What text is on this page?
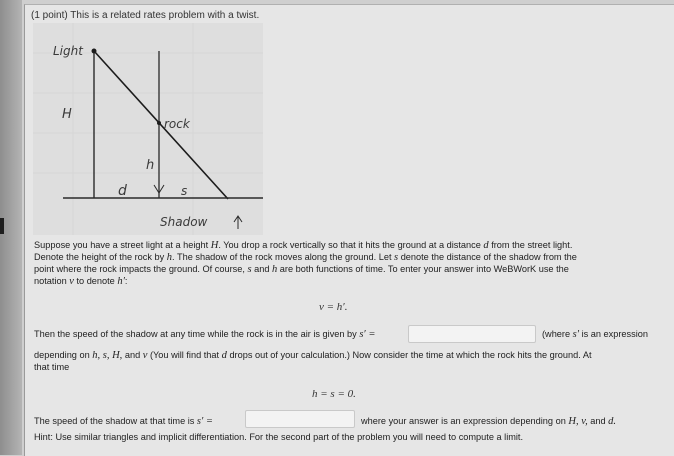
(1 point) This is a related rates problem with a twist.
Light
H
rock
h
d	s
Shadow
Suppose you have a street light at a height H. You drop a rock vertically so that it hits the ground at a distance d from the street light.
Denote the height of the rock by h. The shadow of the rock moves along the ground. Let s denote the distance of the shadow from the
point where the rock impacts the ground. Of course, s and h are both functions of time. To enter your answer into WeBWorK use the
notation v to denote h′:
v = h′.
Then the speed of the shadow at any time while the rock is in the air is given by s′ =	(where s′ is an expression
depending on h, s, H, and v (You will find that d drops out of your calculation.) Now consider the time at which the rock hits the ground. At
that time
h = s = 0.
The speed of the shadow at that time is s′ =	where your answer is an expression depending on H, v, and d.
Hint: Use similar triangles and implicit differentiation. For the second part of the problem you will need to compute a limit.
